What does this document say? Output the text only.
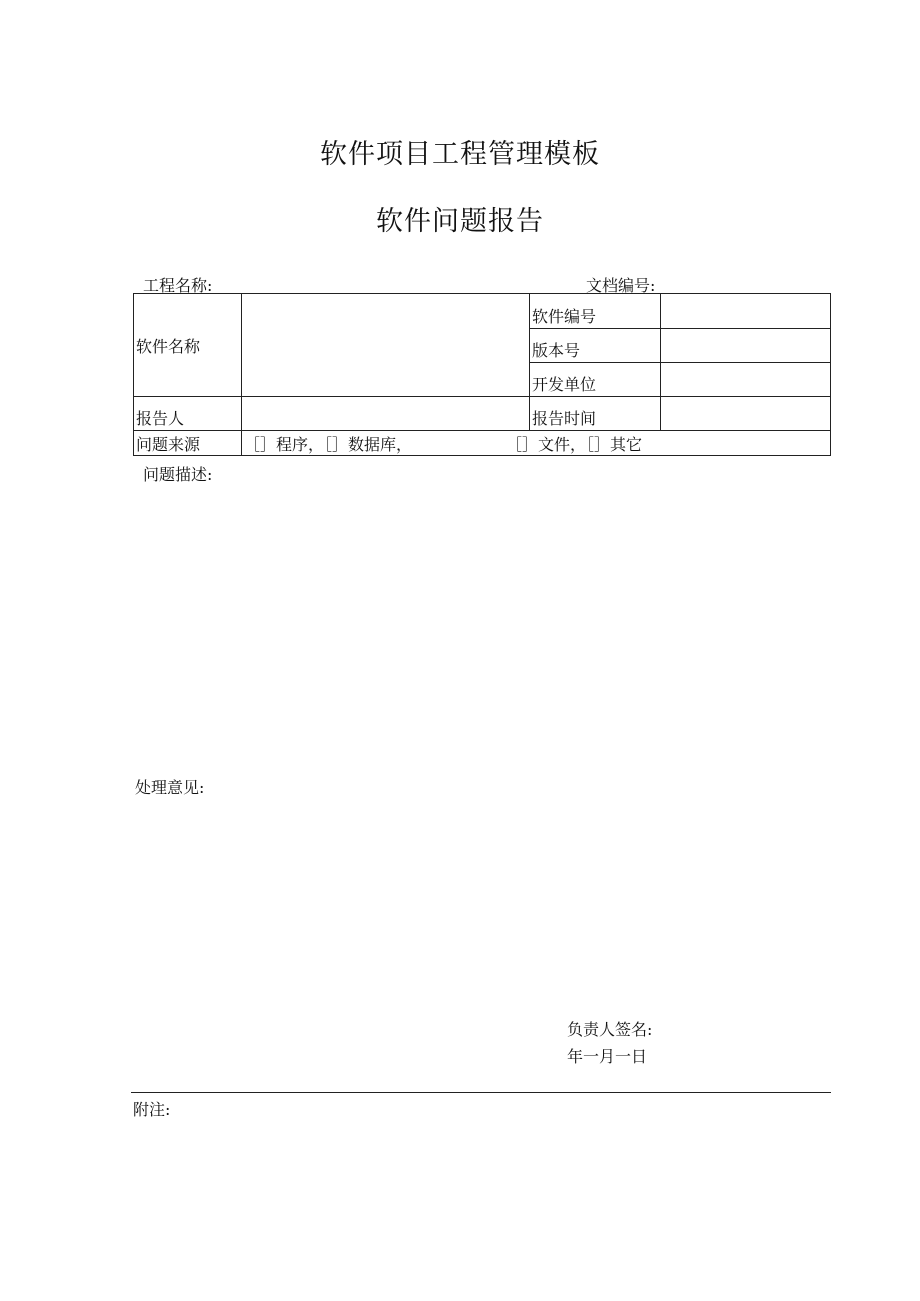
软件项目工程管理模板
软件问题报告
工程名称:	文档编号:
软件名称		软件编号	
		版本号	
		开发单位	
报告人		报告时间	
问题来源	［］程序，［］数据库， ［］文件，［］其它		
问题描述:
处理意见:
负责人签名:
年一月一日
附注:
